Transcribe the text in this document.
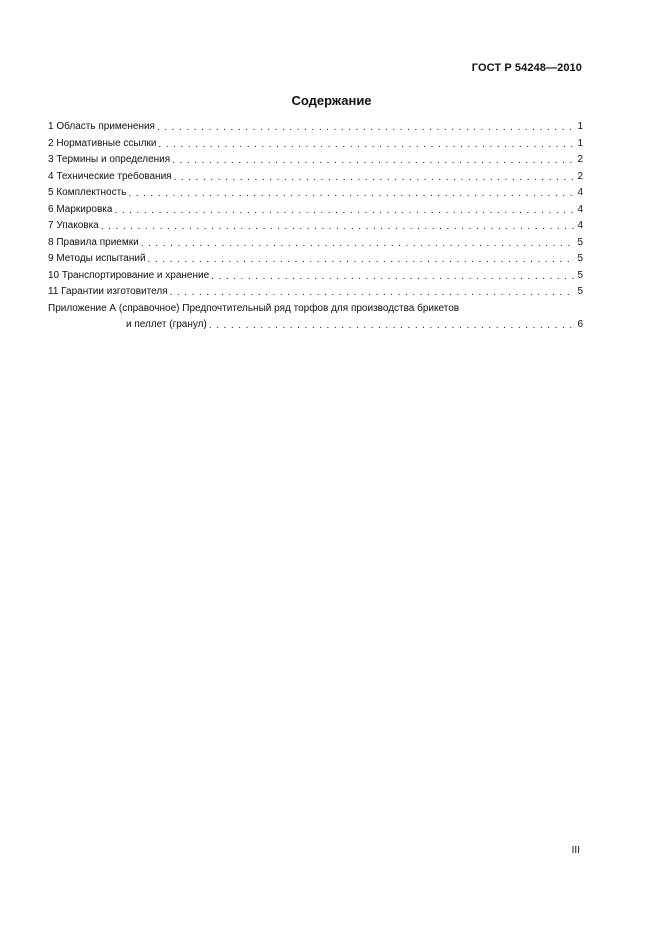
ГОСТ Р 54248—2010
Содержание
1 Область применения . . .	1
2 Нормативные ссылки . . .	1
3 Термины и определения . . .	2
4 Технические требования . . .	2
5 Комплектность . . .	4
6 Маркировка . . .	4
7 Упаковка . . .	4
8 Правила приемки . . .	5
9 Методы испытаний . . .	5
10 Транспортирование и хранение . . .	5
11 Гарантии изготовителя . . .	5
Приложение А (справочное) Предпочтительный ряд торфов для производства брикетов
и пеллет (гранул) . . .	6
III
